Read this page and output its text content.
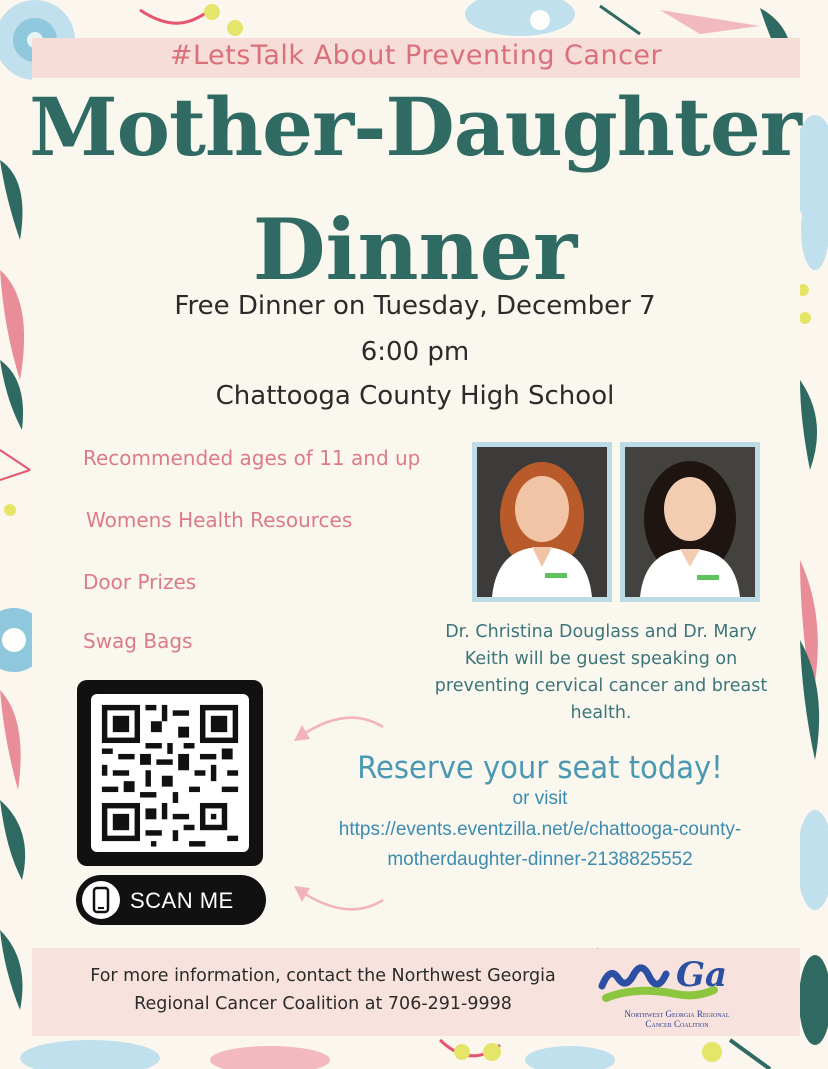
#LetsTalk About Preventing Cancer
Mother-Daughter
Dinner
Free Dinner on Tuesday, December 7
6:00 pm
Chattooga County High School
Recommended ages of 11 and up
Womens Health Resources
Door Prizes
Swag Bags	Dr. Christina Douglass and Dr. Mary Keith will be guest speaking on preventing cervical cancer and breast health.
SCAN ME
Reserve your seat today!
or visit
https://events.eventzilla.net/e/chattooga-county-
motherdaughter-dinner-2138825552
For more information, contact the Northwest Georgia
Regional Cancer Coalition at 706-291-9998
NWGa
Ga
Northwest Georgia Regional
Cancer Coalition
